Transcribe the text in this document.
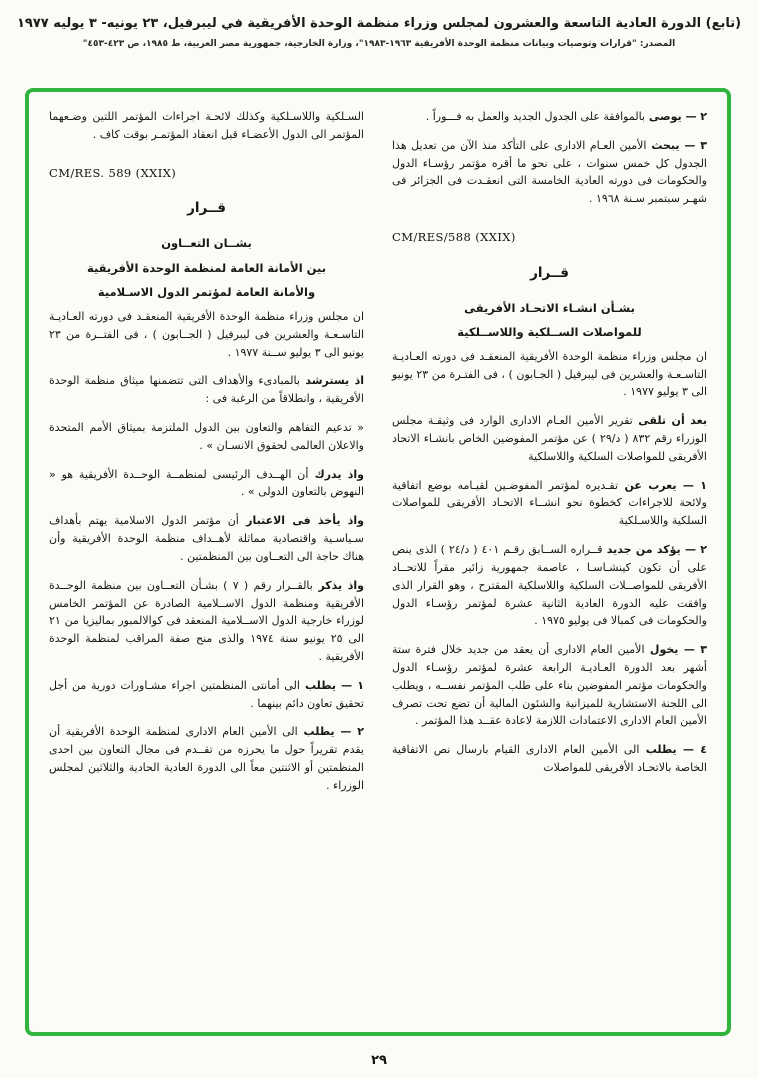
(تابع) الدورة العادية التاسعة والعشرون لمجلس وزراء منظمة الوحدة الأفريقية في ليبرفيل، ٢٣ يونيه- ٣ يوليه ١٩٧٧
المصدر: "قرارات وتوصيات وبيانات منظمة الوحدة الأفريقية ١٩٦٣-١٩٨٣"، وزارة الخارجية، جمهورية مصر العربية، ط ١٩٨٥، ص ٤٢٣-٤٥٣"
٢ — يوصى بالموافقة على الجدول الجديد والعمل به فـــوراً .
٣ — يبحث الأمين العـام الادارى على التأكد منذ الآن من تعديل هذا الجدول كل خمس سنوات ، على نحو ما أقره مؤتمر رؤسـاء الدول والحكومات فى دورته العادية الخامسة التى انعقـدت فى الجزائر فى شهـر سبتمبر سـنة ١٩٦٨ .
CM/RES/588 (XXIX)
قــرار
بشـأن انشـاء الاتحـاد الأفريقى
للمواصلات الســلكية واللاســلكية
ان مجلس وزراء منظمة الوحدة الأفريقية المنعقـد فى دورته العـاديـة التاسـعـة والعشرين فى ليبرفيل ( الجـابون ) ، فى الفتـرة من ٢٣ يونيو الى ٣ يوليو ١٩٧٧ .
بعد أن تلقى تقرير الأمين العـام الادارى الوارد فى وثيقـة مجلس الوزراء رقم ٨٣٢ ( د/٢٩ ) عن مؤتمر المفوضين الخاص بانشـاء الاتحاد الأفريقى للمواصلات السلكية واللاسلكية
١ — يعرب عن تقـديره لمؤتمر المفوضـين لقيـامه بوضع اتفاقية ولائحة للاجراءات كخطوة نحو انشــاء الاتحـاد الأفريقى للمواصلات السلكية واللاسـلكية
٢ — يؤكد من جديد قــراره الســابق رقـم ٤٠١ ( د/٢٤ ) الذى ينص على أن تكون كينشـاسـا ، عاصمة جمهورية زائير مقراً للاتحــاد الأفريقى للمواصــلات السلكية واللاسلكية المقترح ، وهو القرار الذى وافقت عليه الدورة العادية الثانية عشرة لمؤتمر رؤسـاء الدول والحكومات فى كمبالا فى يوليو ١٩٧٥ .
٣ — يخول الأمين العام الادارى أن يعقد من جديد خلال فترة ستة أشهر بعد الدورة العـاديـة الرابعة عشرة لمؤتمر رؤسـاء الدول والحكومات مؤتمر المفوضين بناء على طلب المؤتمر نفســه ، ويطلب الى اللجنة الاستشارية للميزانية والشئون المالية أن تضع تحت تصرف الأمين العام الادارى الاعتمادات اللازمة لاعادة عقــد هذا المؤتمر .
٤ — يطلب الى الأمين العام الادارى القيام بارسال نص الاتفاقية الخاصة بالاتحـاد الأفريقى للمواصلات
السـلكية واللاسـلكية وكذلك لائحـة اجراءات المؤتمر اللتين وضـعهما المؤتمر الى الدول الأعضـاء قبل انعقاد المؤتمـر بوقت كاف .
CM/RES. 589 (XXIX)
قــرار
بشــان التعــاون
بين الأمانة العامة لمنظمة الوحدة الأفريقية
والأمانة العامة لمؤتمر الدول الاسـلامية
ان مجلس وزراء منظمة الوحدة الأفريقية المنعقـد فى دورته العـاديـة التاسـعـة والعشرين فى ليبرفيل ( الجــابون ) ، فى الفتــرة من ٢٣ يونيو الى ٣ يوليو ســنة ١٩٧٧ .
اذ يسترشد بالمبادىء والأهداف التى تتضمنها ميثاق منظمة الوحدة الأفريقية ، وانطلاقاً من الرغبة فى :
« تدعيم التفاهم والتعاون بين الدول الملتزمة بميثاق الأمم المتحدة والاعلان العالمى لحقوق الانسـان » .
واذ يدرك أن الهــدف الرئيسى لمنظمــة الوحــدة الأفريقية هو « النهوض بالتعاون الدولى » .
واذ يأخذ فى الاعتبار أن مؤتمر الدول الاسلامية يهتم بأهداف سـياسـية واقتصادية مماثلة لأهــداف منظمة الوحدة الأفريقية وأن هناك حاجة الى التعــاون بين المنظمتين .
واذ يذكر بالقــرار رقم ( ٧ ) بشـأن التعــاون بين منظمة الوحــدة الأفريقية ومنظمة الدول الاســلامية الصادرة عن المؤتمر الخامس لوزراء خارجية الدول الاســلامية المنعقد فى كوالالمبور بماليزيا من ٢١ الى ٢٥ يونيو سنة ١٩٧٤ والذى منح صفة المراقب لمنظمة الوحدة الأفريقية .
١ — يطلب الى أمانتى المنظمتين اجراء مشـاورات دورية من أجل تحقيق تعاون دائم بينهما .
٢ — يطلب الى الأمين العام الادارى لمنظمة الوحدة الأفريقية أن يقدم تقريراً حول ما يحرزه من تقــدم فى مجال التعاون بين احدى المنظمتين أو الاثنتين معاً الى الدورة العادية الحادية والثلاثين لمجلس الوزراء .
٢٩
